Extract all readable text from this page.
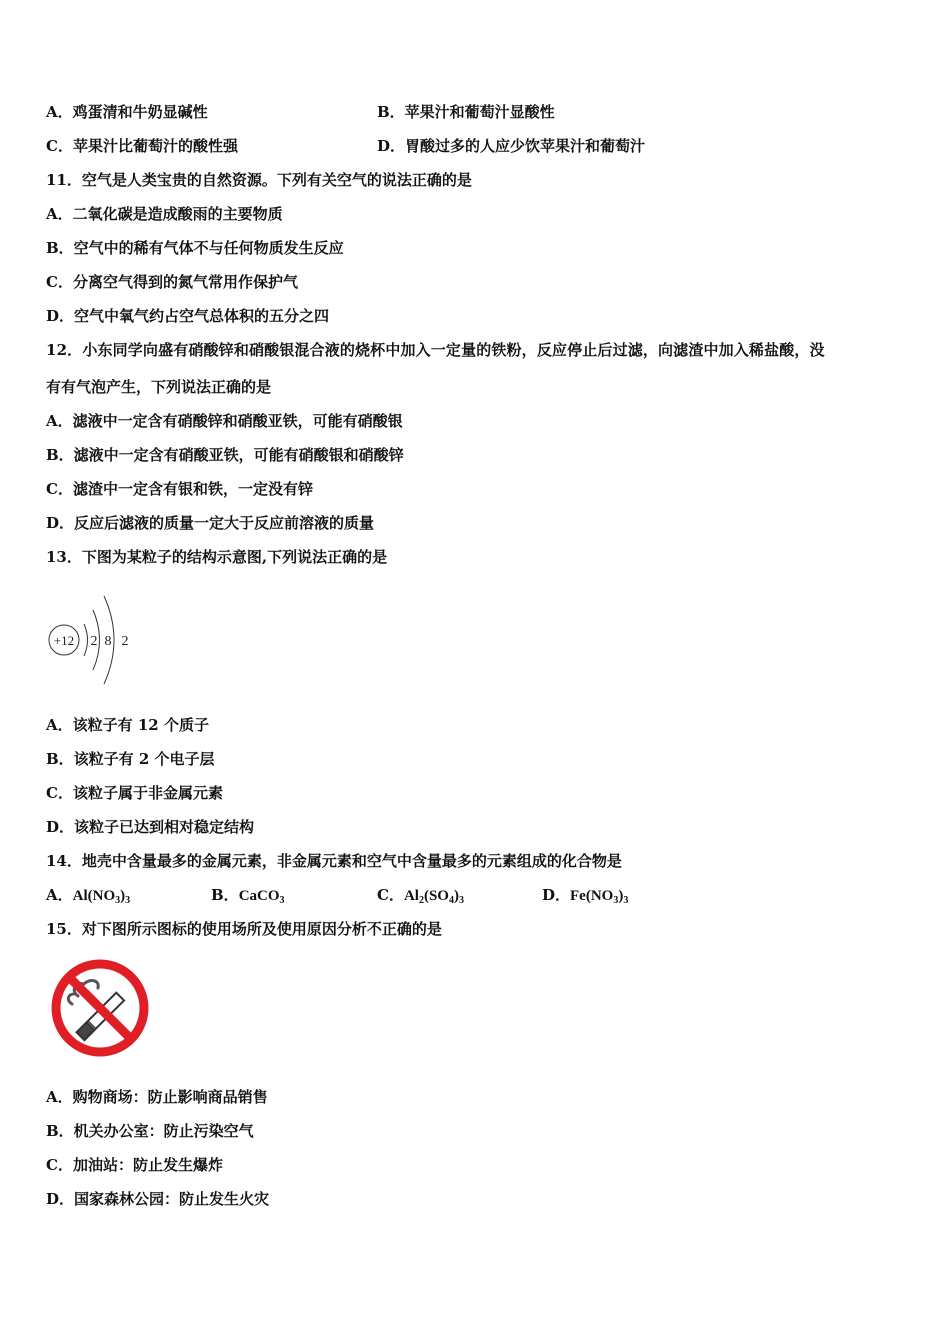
A．鸡蛋清和牛奶显碱性	B．苹果汁和葡萄汁显酸性
C．苹果汁比葡萄汁的酸性强	D．胃酸过多的人应少饮苹果汁和葡萄汁
11．空气是人类宝贵的自然资源。下列有关空气的说法正确的是
A．二氧化碳是造成酸雨的主要物质
B．空气中的稀有气体不与任何物质发生反应
C．分离空气得到的氮气常用作保护气
D．空气中氧气约占空气总体积的五分之四
12．小东同学向盛有硝酸锌和硝酸银混合液的烧杯中加入一定量的铁粉，反应停止后过滤，向滤渣中加入稀盐酸，没
有有气泡产生，下列说法正确的是
A．滤液中一定含有硝酸锌和硝酸亚铁，可能有硝酸银
B．滤液中一定含有硝酸亚铁，可能有硝酸银和硝酸锌
C．滤渣中一定含有银和铁，一定没有锌
D．反应后滤液的质量一定大于反应前溶液的质量
13．下图为某粒子的结构示意图,下列说法正确的是
+12 2 8 2
A．该粒子有 12 个质子
B．该粒子有 2 个电子层
C．该粒子属于非金属元素
D．该粒子已达到相对稳定结构
14．地壳中含量最多的金属元素，非金属元素和空气中含量最多的元素组成的化合物是
A．$Al(NO_3)_3$	B．CaCO$_3$	C．$Al_2(SO_4)_3$	D．$Fe(NO_3)_3$
15．对下图所示图标的使用场所及使用原因分析不正确的是
A．购物商场：防止影响商品销售
B．机关办公室：防止污染空气
C．加油站：防止发生爆炸
D．国家森林公园：防止发生火灾
